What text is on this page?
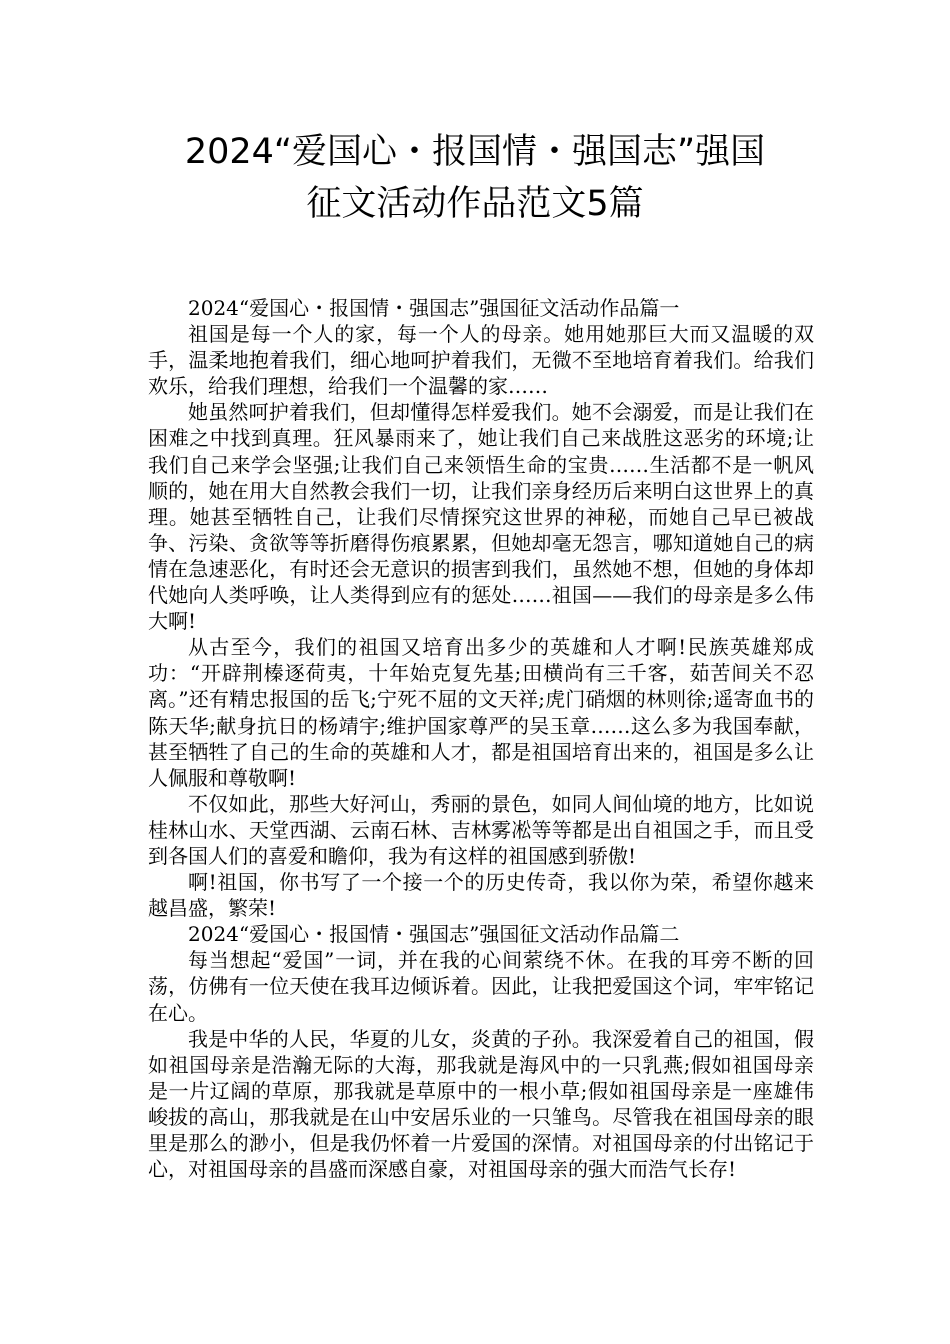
2024“爱国心・报国情・强国志”强国
征文活动作品范文5篇

2024“爱国心・报国情・强国志”强国征文活动作品篇一

祖国是每一个人的家，每一个人的母亲。她用她那巨大而又温暖的双手，温柔地抱着我们，细心地呵护着我们，无微不至地培育着我们。给我们欢乐，给我们理想，给我们一个温馨的家……

她虽然呵护着我们，但却懂得怎样爱我们。她不会溺爱，而是让我们在困难之中找到真理。狂风暴雨来了，她让我们自己来战胜这恶劣的环境;让我们自己来学会坚强;让我们自己来领悟生命的宝贵……生活都不是一帆风顺的，她在用大自然教会我们一切，让我们亲身经历后来明白这世界上的真理。她甚至牺牲自己，让我们尽情探究这世界的神秘，而她自己早已被战争、污染、贪欲等等折磨得伤痕累累，但她却毫无怨言，哪知道她自己的病情在急速恶化，有时还会无意识的损害到我们，虽然她不想，但她的身体却代她向人类呼唤，让人类得到应有的惩处……祖国——我们的母亲是多么伟大啊!

从古至今，我们的祖国又培育出多少的英雄和人才啊!民族英雄郑成功：“开辟荆榛逐荷夷，十年始克复先基;田横尚有三千客，茹苦间关不忍离。”还有精忠报国的岳飞;宁死不屈的文天祥;虎门硝烟的林则徐;遥寄血书的陈天华;献身抗日的杨靖宇;维护国家尊严的吴玉章……这么多为我国奉献，甚至牺牲了自己的生命的英雄和人才，都是祖国培育出来的，祖国是多么让人佩服和尊敬啊!

不仅如此，那些大好河山，秀丽的景色，如同人间仙境的地方，比如说桂林山水、天堂西湖、云南石林、吉林雾凇等等都是出自祖国之手，而且受到各国人们的喜爱和瞻仰，我为有这样的祖国感到骄傲!

啊!祖国，你书写了一个接一个的历史传奇，我以你为荣，希望你越来越昌盛，繁荣!

2024“爱国心・报国情・强国志”强国征文活动作品篇二

每当想起“爱国”一词，并在我的心间萦绕不休。在我的耳旁不断的回荡，仿佛有一位天使在我耳边倾诉着。因此，让我把爱国这个词，牢牢铭记在心。

我是中华的人民，华夏的儿女，炎黄的子孙。我深爱着自己的祖国，假如祖国母亲是浩瀚无际的大海，那我就是海风中的一只乳燕;假如祖国母亲是一片辽阔的草原，那我就是草原中的一根小草;假如祖国母亲是一座雄伟峻拔的高山，那我就是在山中安居乐业的一只雏鸟。尽管我在祖国母亲的眼里是那么的渺小，但是我仍怀着一片爱国的深情。对祖国母亲的付出铭记于心，对祖国母亲的昌盛而深感自豪，对祖国母亲的强大而浩气长存!
